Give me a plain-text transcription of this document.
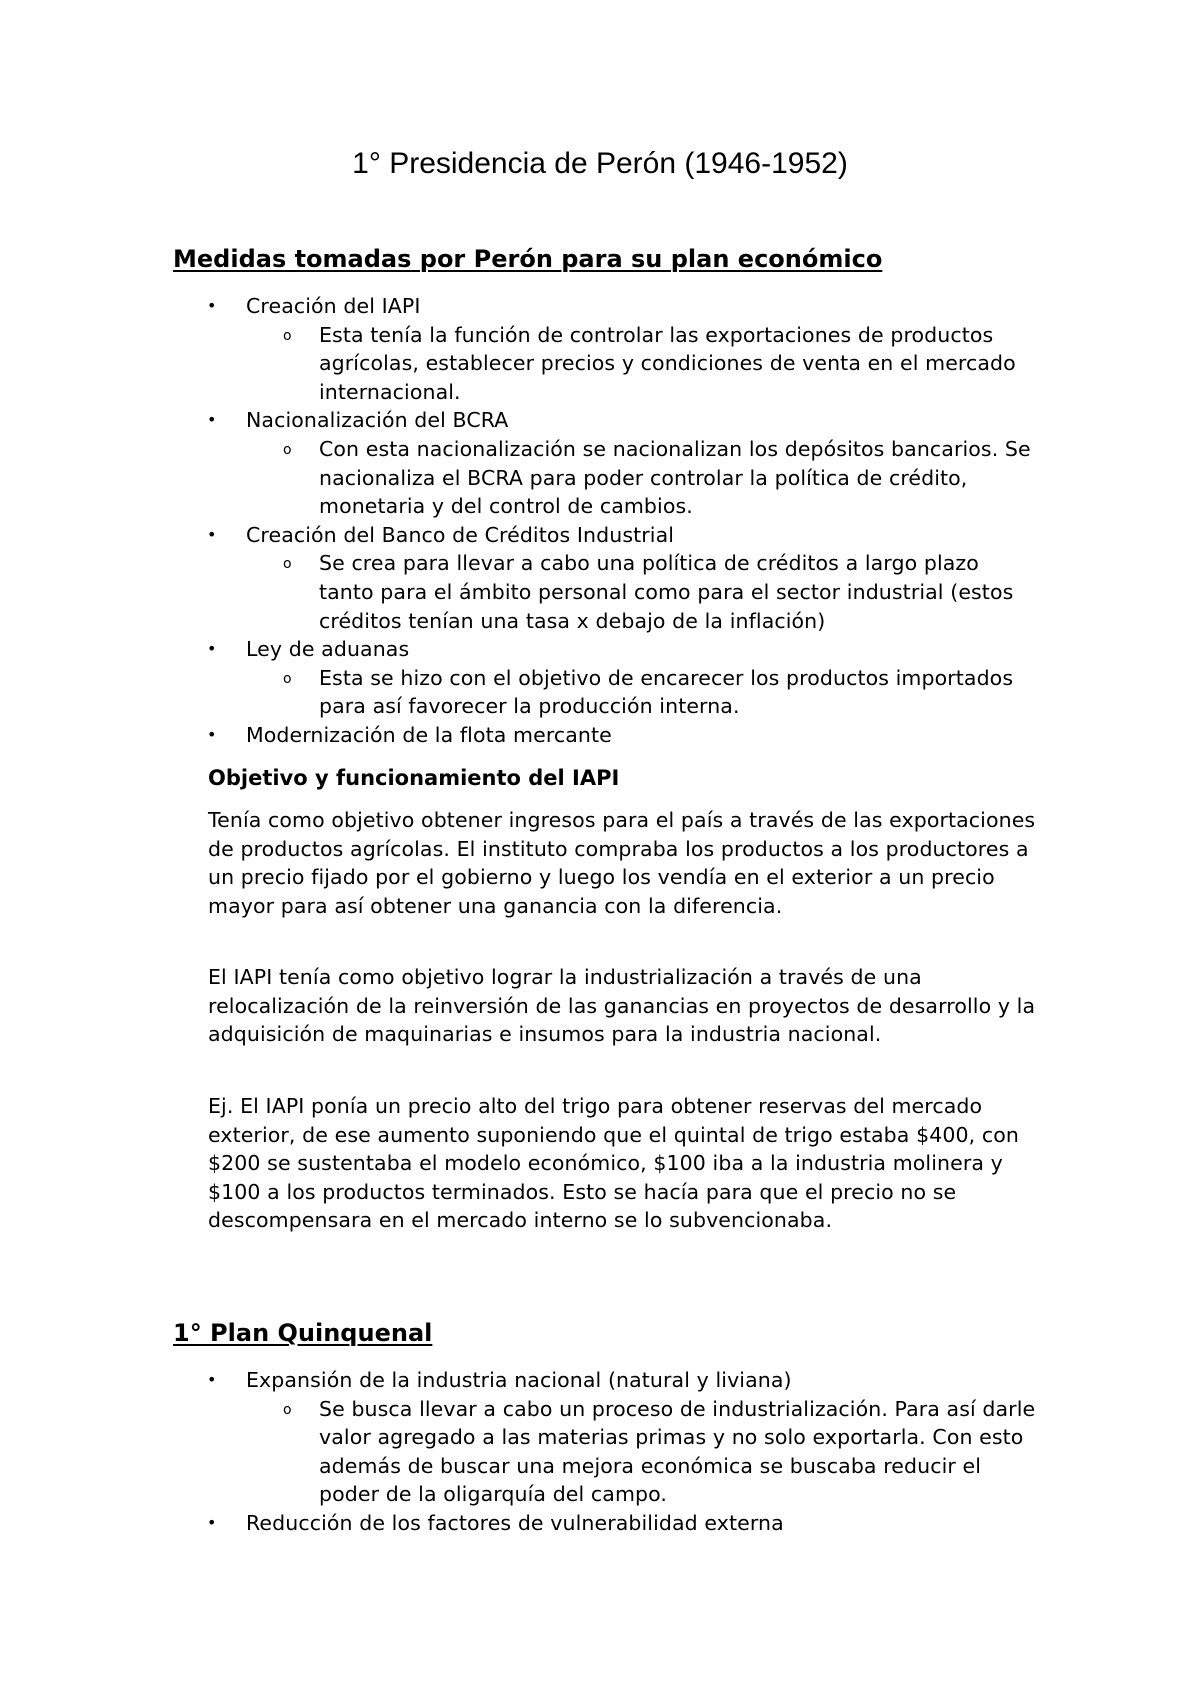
1° Presidencia de Perón (1946-1952)
Medidas tomadas por Perón para su plan económico
• Creación del IAPI
o Esta tenía la función de controlar las exportaciones de productos agrícolas, establecer precios y condiciones de venta en el mercado internacional.
• Nacionalización del BCRA
o Con esta nacionalización se nacionalizan los depósitos bancarios. Se nacionaliza el BCRA para poder controlar la política de crédito, monetaria y del control de cambios.
• Creación del Banco de Créditos Industrial
o Se crea para llevar a cabo una política de créditos a largo plazo tanto para el ámbito personal como para el sector industrial (estos créditos tenían una tasa x debajo de la inflación)
• Ley de aduanas
o Esta se hizo con el objetivo de encarecer los productos importados para así favorecer la producción interna.
• Modernización de la flota mercante
Objetivo y funcionamiento del IAPI

Tenía como objetivo obtener ingresos para el país a través de las exportaciones de productos agrícolas. El instituto compraba los productos a los productores a un precio fijado por el gobierno y luego los vendía en el exterior a un precio mayor para así obtener una ganancia con la diferencia.

El IAPI tenía como objetivo lograr la industrialización a través de una relocalización de la reinversión de las ganancias en proyectos de desarrollo y la adquisición de maquinarias e insumos para la industria nacional.

Ej. El IAPI ponía un precio alto del trigo para obtener reservas del mercado exterior, de ese aumento suponiendo que el quintal de trigo estaba $400, con $200 se sustentaba el modelo económico, $100 iba a la industria molinera y $100 a los productos terminados. Esto se hacía para que el precio no se descompensara en el mercado interno se lo subvencionaba.

1° Plan Quinquenal
• Expansión de la industria nacional (natural y liviana)
o Se busca llevar a cabo un proceso de industrialización. Para así darle valor agregado a las materias primas y no solo exportarla. Con esto además de buscar una mejora económica se buscaba reducir el poder de la oligarquía del campo.
• Reducción de los factores de vulnerabilidad externa
